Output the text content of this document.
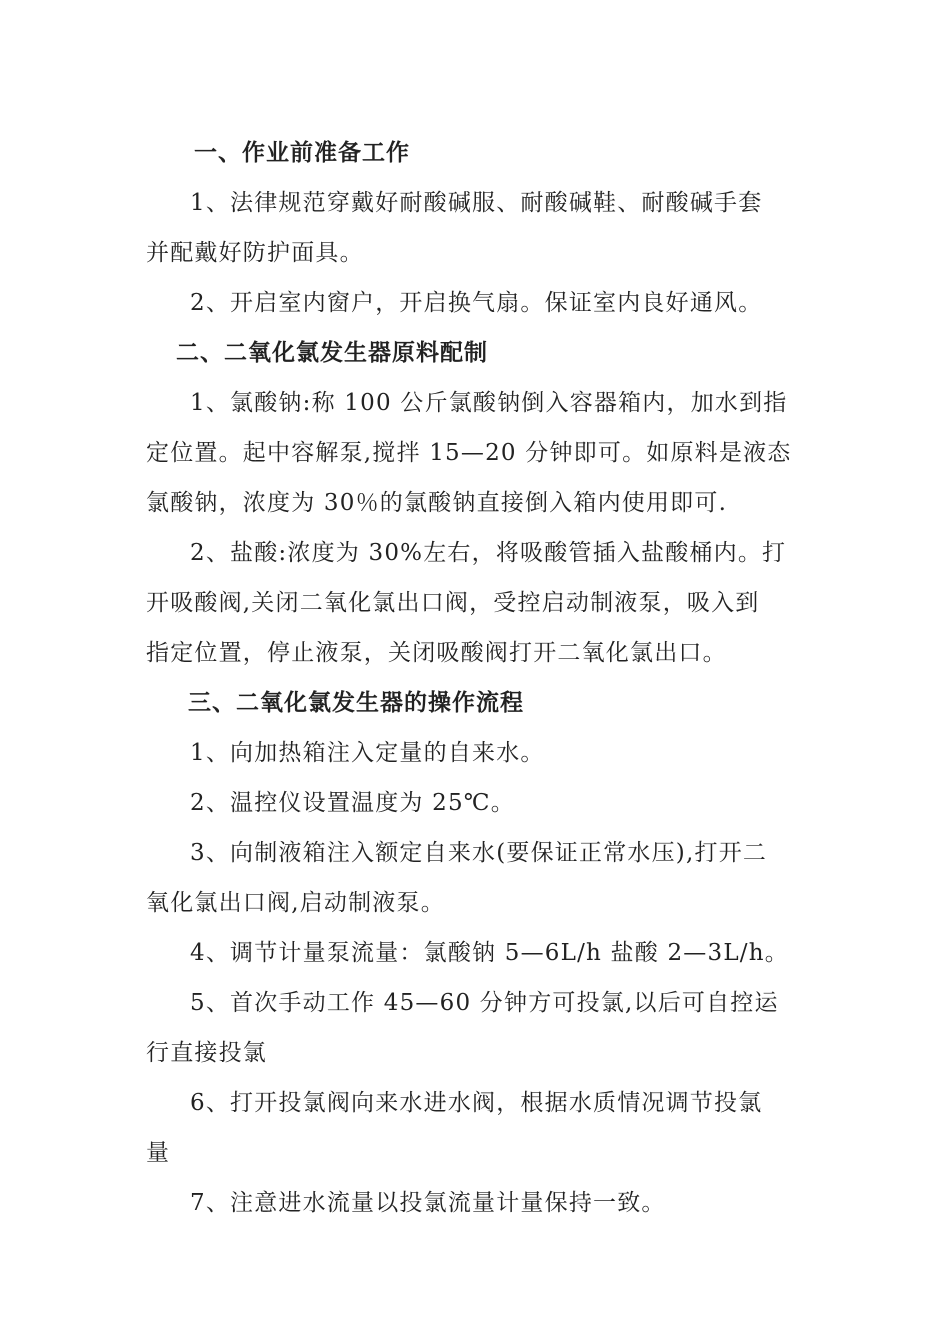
一、作业前准备工作
1、法律规范穿戴好耐酸碱服、耐酸碱鞋、耐酸碱手套
并配戴好防护面具。
2、开启室内窗户，开启换气扇。保证室内良好通风。
二、二氧化氯发生器原料配制
1、氯酸钠:称 100 公斤氯酸钠倒入容器箱内，加水到指
定位置。起中容解泵,搅拌 15—20 分钟即可。如原料是液态
氯酸钠，浓度为 30％的氯酸钠直接倒入箱内使用即可.
2、盐酸:浓度为 30%左右，将吸酸管插入盐酸桶内。打
开吸酸阀,关闭二氧化氯出口阀，受控启动制液泵，吸入到
指定位置，停止液泵，关闭吸酸阀打开二氧化氯出口。
三、二氧化氯发生器的操作流程
1、向加热箱注入定量的自来水。
2、温控仪设置温度为 25℃。
3、向制液箱注入额定自来水(要保证正常水压),打开二
氧化氯出口阀,启动制液泵。
4、调节计量泵流量：氯酸钠 5—6L/h 盐酸 2—3L/h。
5、首次手动工作 45—60 分钟方可投氯,以后可自控运
行直接投氯
6、打开投氯阀向来水进水阀，根据水质情况调节投氯
量
7、注意进水流量以投氯流量计量保持一致。
